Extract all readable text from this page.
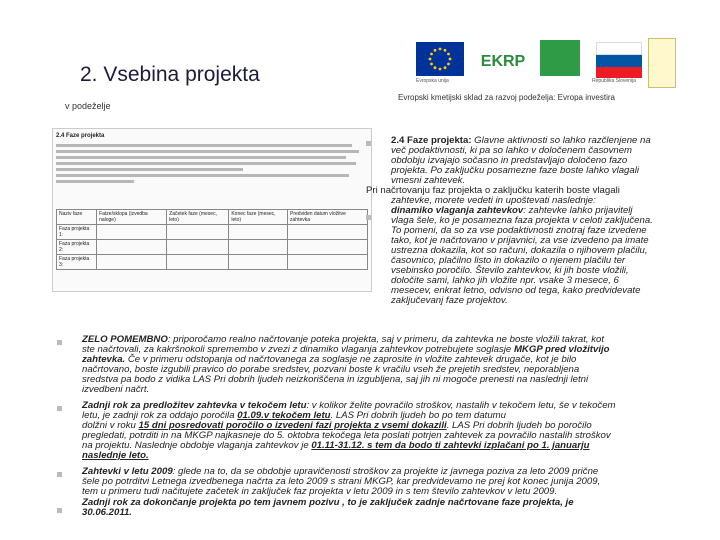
2. Vsebina projekta
v podeželje
Evropski kmetijski sklad za razvoj podeželja: Evropa investira
Evropska unija
EKRP
Republika Slovenija
2.4 Faze projekta
Naziv faze	Fatze/sklopa (izvedba naloge)	Začetek faze (mesec, leto)	Konec faze (mesec, leto)	Predviden datum vložitve zahtevka
Faza projekta 1:				
Faza projekta 2:				
Faza projekta 3:				
2.4 Faze projekta: Glavne aktivnosti so lahko razčlenjene na
več podaktivnosti, ki pa so lahko v določenem časovnem
obdobju izvajajo sočasno in predstavljajo določeno fazo
projekta. Po zaključku posamezne faze boste lahko vlagali
vmesni zahtevek.
Pri načrtovanju faz projekta o zaključku katerih boste vlagali
zahtevke, morete vedeti in upoštevati naslednje:
dinamiko vlaganja zahtevkov: zahtevke lahko prijavitelj
vlaga šele, ko je posamezna faza projekta v celoti zaključena.
To pomeni, da so za vse podaktivnosti znotraj faze izvedene
tako, kot je načrtovano v prijavnici, za vse izvedeno pa imate
ustrezna dokazila, kot so računi, dokazila o njihovem plačilu,
časovnico, plačilno listo in dokazilo o njenem plačilu ter
vsebinsko poročilo. Število zahtevkov, ki jih boste vložili,
določite sami, lahko jih vložite npr. vsake 3 mesece, 6
mesecev, enkrat letno, odvisno od tega, kako predvidevate
zaključevanj faze projektov.
ZELO POMEMBNO: priporočamo realno načrtovanje poteka projekta, saj v primeru, da zahtevka ne boste vložili takrat, kot
ste načrtovali, za kakršnokoli spremembo v zvezi z dinamiko vlaganja zahtevkov potrebujete soglasje MKGP pred vložitvijo
zahtevka. Če v primeru odstopanja od načrtovanega za soglasje ne zaprosite in vložite zahtevek drugače, kot je bilo
načrtovano, boste izgubili pravico do porabe sredstev, pozvani boste k vračilu vseh že prejetih sredstev, neporabljena
sredstva pa bodo z vidika LAS Pri dobrih ljudeh neizkoriščena in izgubljena, saj jih ni mogoče prenesti na naslednji letni
izvedbeni načrt.
Zadnji rok za predložitev zahtevka v tekočem letu: v kolikor želite povračilo stroškov, nastalih v tekočem letu, še v tekočem
letu, je zadnji rok za oddajo poročila 01.09.v tekočem letu. LAS Pri dobrih ljudeh bo po tem datumu
dolžni v roku 15 dni posredovati poročilo o izvedeni fazi projekta z vsemi dokazili. LAS Pri dobrih ljudeh bo poročilo
pregledati, potrditi in na MKGP najkasneje do 5. oktobra tekočega leta poslati potrjen zahtevek za povračilo nastalih stroškov
na projektu. Naslednje obdobje vlaganja zahtevkov je 01.11-31.12. s tem da bodo ti zahtevki izplačani po 1. januarju
naslednje leto.
Zahtevki v letu 2009: glede na to, da se obdobje upravičenosti stroškov za projekte iz javnega poziva za leto 2009 prične
šele po potrditvi Letnega izvedbenega načrta za leto 2009 s strani MKGP, kar predvidevamo ne prej kot konec junija 2009,
tem u primeru tudi načitujete začetek in zaključek faz projekta v letu 2009 in s tem število zahtevkov v letu 2009.
Zadnji rok za dokončanje projekta po tem javnem pozivu , to je zaključek zadnje načrtovane faze projekta, je
30.06.2011.
